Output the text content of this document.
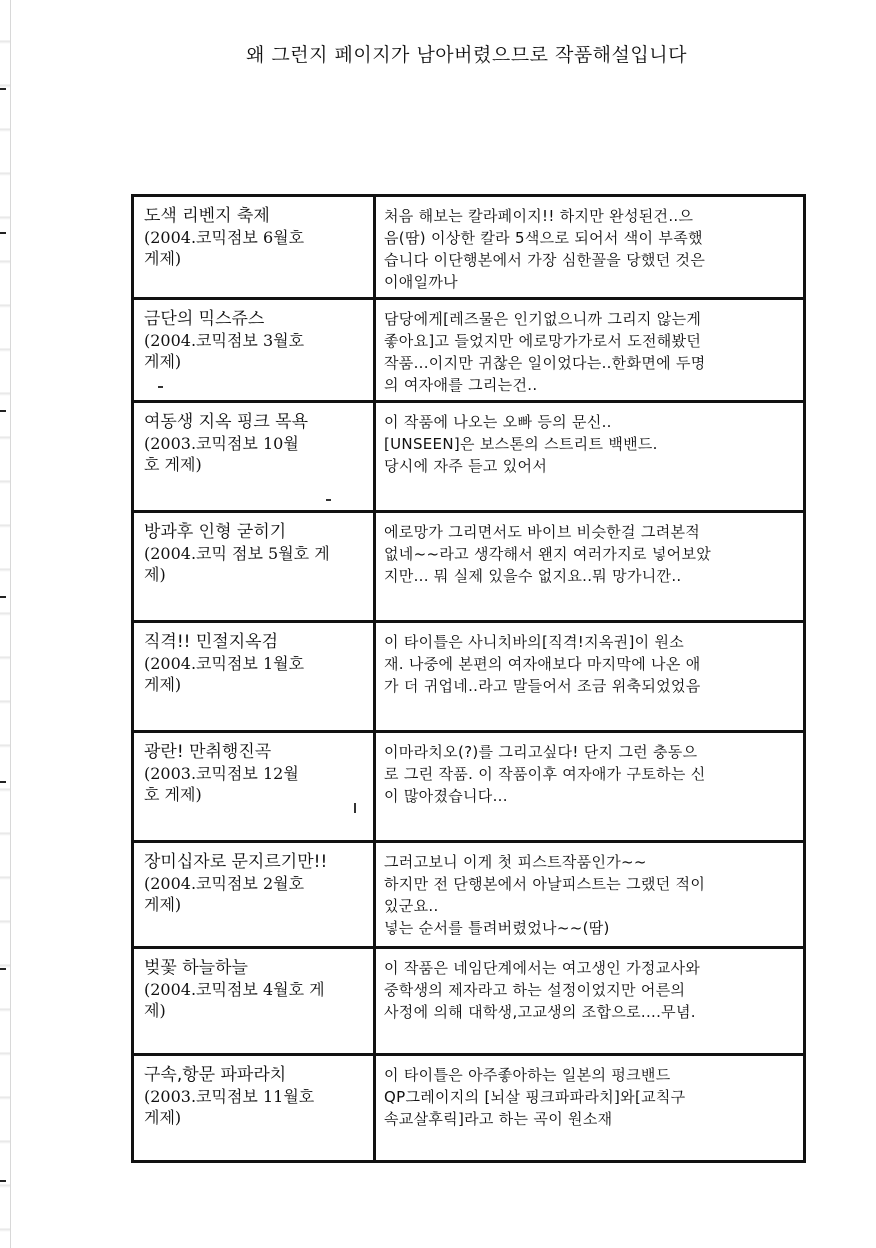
왜 그런지 페이지가 남아버렸으므로 작품해설입니다
도색 리벤지 축제
(2004.코믹점보 6월호
게제)
처음 해보는 칼라페이지!! 하지만 완성된건..으
음(땀) 이상한 칼라 5색으로 되어서 색이 부족했
습니다 이단행본에서 가장 심한꼴을 당했던 것은
이애일까나
금단의 믹스쥬스
(2004.코믹점보 3월호
게제)
담당에게[레즈물은 인기없으니까 그리지 않는게
좋아요]고 들었지만 에로망가가로서 도전해봤던
작품...이지만 귀찮은 일이었다는..한화면에 두명
의 여자애를 그리는건..
여동생 지옥 핑크 목욕
(2003.코믹점보 10월
호 게제)
이 작품에 나오는 오빠 등의 문신..
[UNSEEN]은 보스톤의 스트리트 백밴드.
당시에 자주 듣고 있어서
방과후 인형 굳히기
(2004.코믹 점보 5월호 게
제)
에로망가 그리면서도 바이브 비슷한걸 그려본적
없네~~라고 생각해서 왠지 여러가지로 넣어보았
지만... 뭐 실제 있을수 없지요..뭐 망가니깐..
직격!! 민절지옥검
(2004.코믹점보 1월호
게제)
이 타이틀은 사니치바의[직격!지옥권]이 원소
재. 나중에 본편의 여자애보다 마지막에 나온 애
가 더 귀업네..라고 말들어서 조금 위축되었었음
광란! 만취행진곡
(2003.코믹점보 12월
호 게제)
이마라치오(?)를 그리고싶다! 단지 그런 충동으
로 그린 작품. 이 작품이후 여자애가 구토하는 신
이 많아졌습니다...
장미십자로 문지르기만!!
(2004.코믹점보 2월호
게제)
그러고보니 이게 첫 피스트작품인가~~
하지만 전 단행본에서 아날피스트는 그랬던 적이
있군요..
넣는 순서를 틀려버렸었나~~(땀)
벚꽃 하늘하늘
(2004.코믹점보 4월호 게
제)
이 작품은 네임단계에서는 여고생인 가정교사와
중학생의 제자라고 하는 설정이었지만 어른의
사정에 의해 대학생,고교생의 조합으로....무념.
구속,항문 파파라치
(2003.코믹점보 11월호
게제)
이 타이틀은 아주좋아하는 일본의 펑크밴드
QP그레이지의 [뇌살 핑크파파라치]와[교칙구
속교살후릭]라고 하는 곡이 원소재
